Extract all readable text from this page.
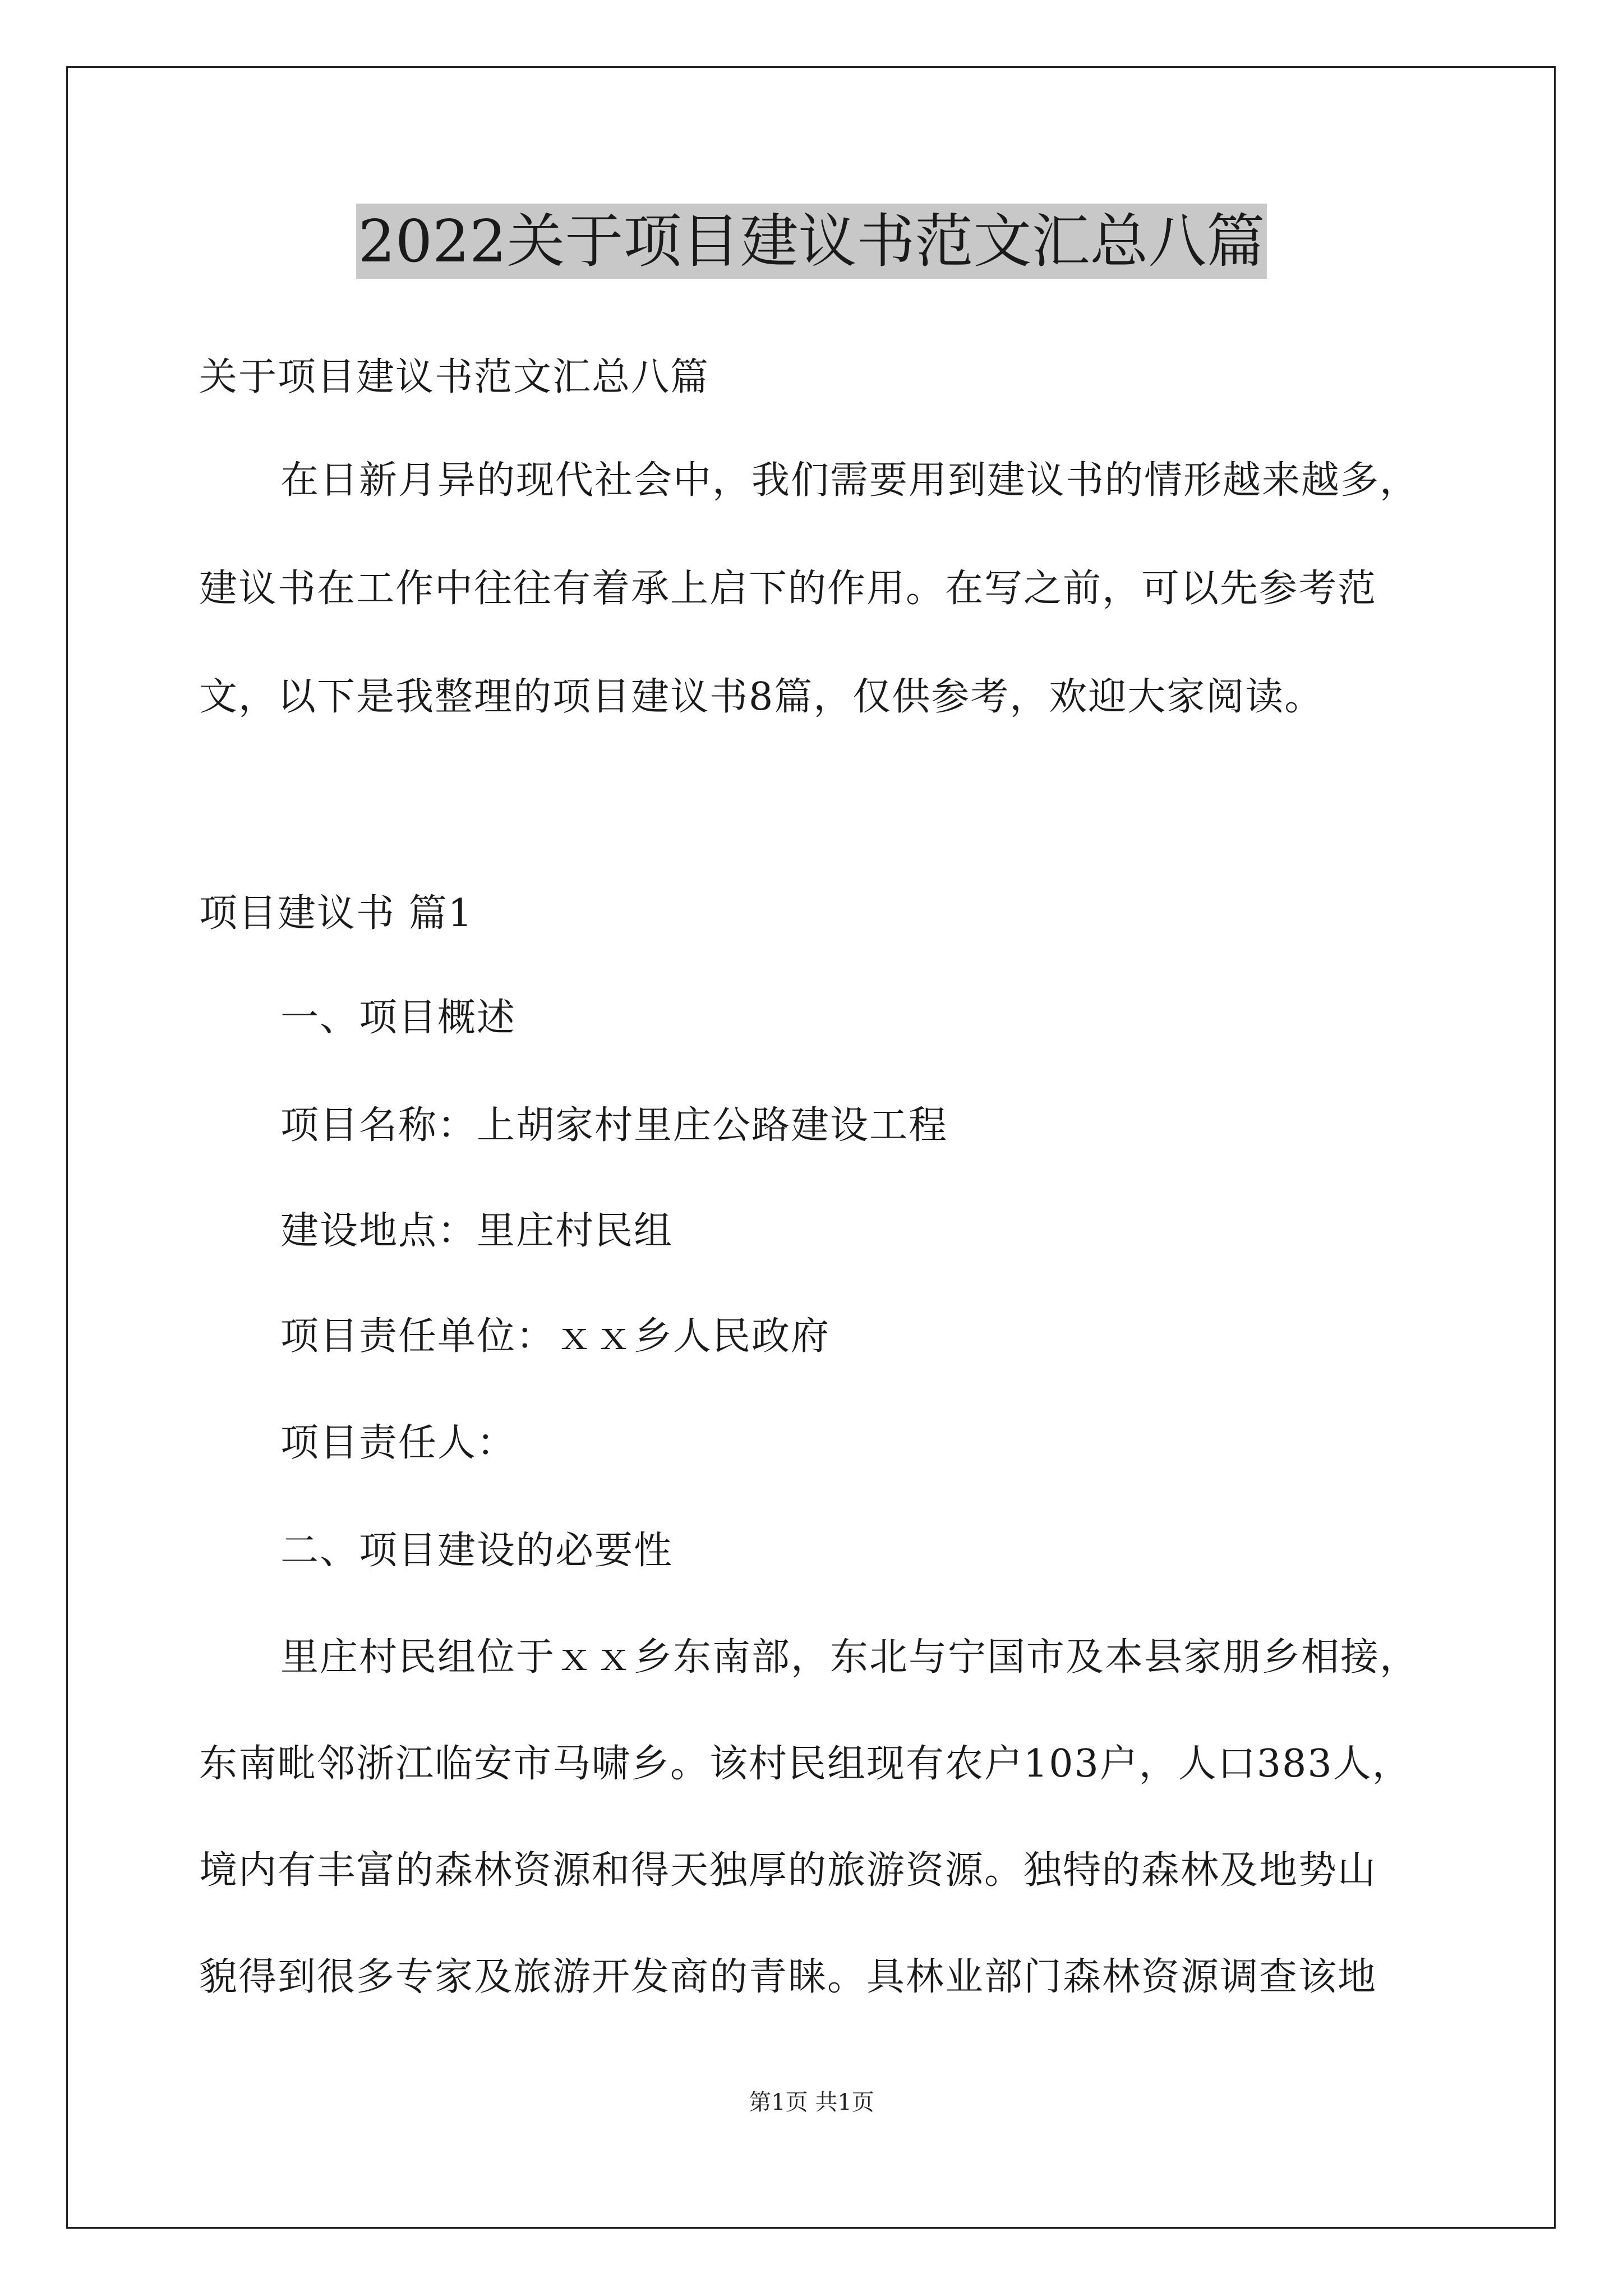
2022关于项目建议书范文汇总八篇
关于项目建议书范文汇总八篇
在日新月异的现代社会中，我们需要用到建议书的情形越来越多，
建议书在工作中往往有着承上启下的作用。在写之前，可以先参考范
文，以下是我整理的项目建议书8篇，仅供参考，欢迎大家阅读。
项目建议书 篇1
一、项目概述
项目名称：上胡家村里庄公路建设工程
建设地点：里庄村民组
项目责任单位：ｘｘ乡人民政府
项目责任人：
二、项目建设的必要性
里庄村民组位于ｘｘ乡东南部，东北与宁国市及本县家朋乡相接，
东南毗邻浙江临安市马啸乡。该村民组现有农户103户，人口383人，
境内有丰富的森林资源和得天独厚的旅游资源。独特的森林及地势山
貌得到很多专家及旅游开发商的青睐。具林业部门森林资源调查该地
第1页 共1页
